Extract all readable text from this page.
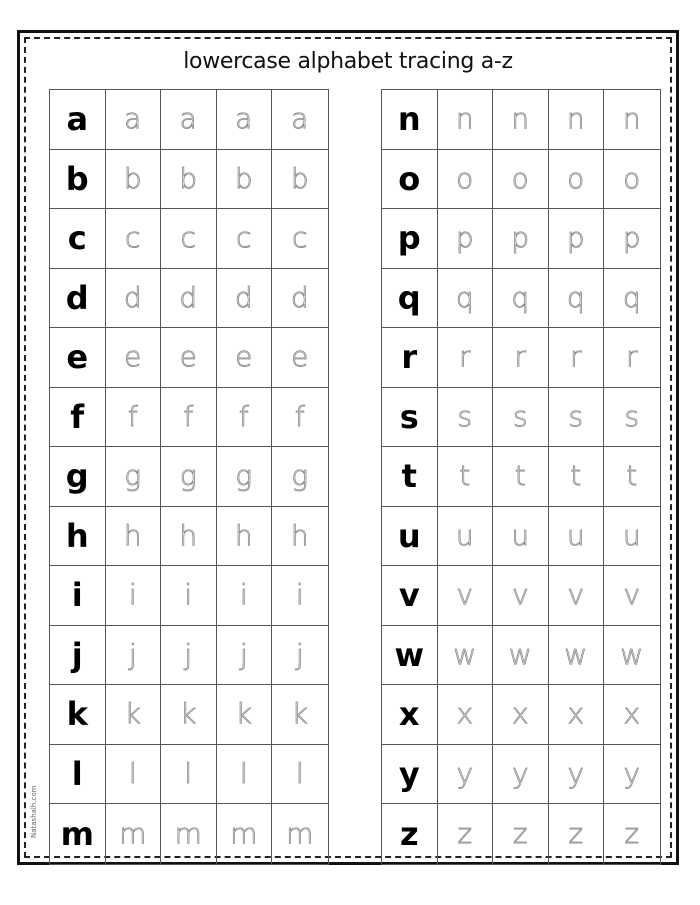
lowercase alphabet tracing a-z
a a a a a
b b b b b
c c c c c
d d d d d
e e e e e
f f f f f
g g g g g
h h h h h
i i i i i
j j j j j
k k k k k
l l l l l
m m m m m
n n n n n
o o o o o
p p p p p
q q q q q
r r r r r
s s s s s
t t t t t
u u u u u
v v v v v
w w w w w
x x x x x
y y y y y
z z z z z
Natashalh.com
